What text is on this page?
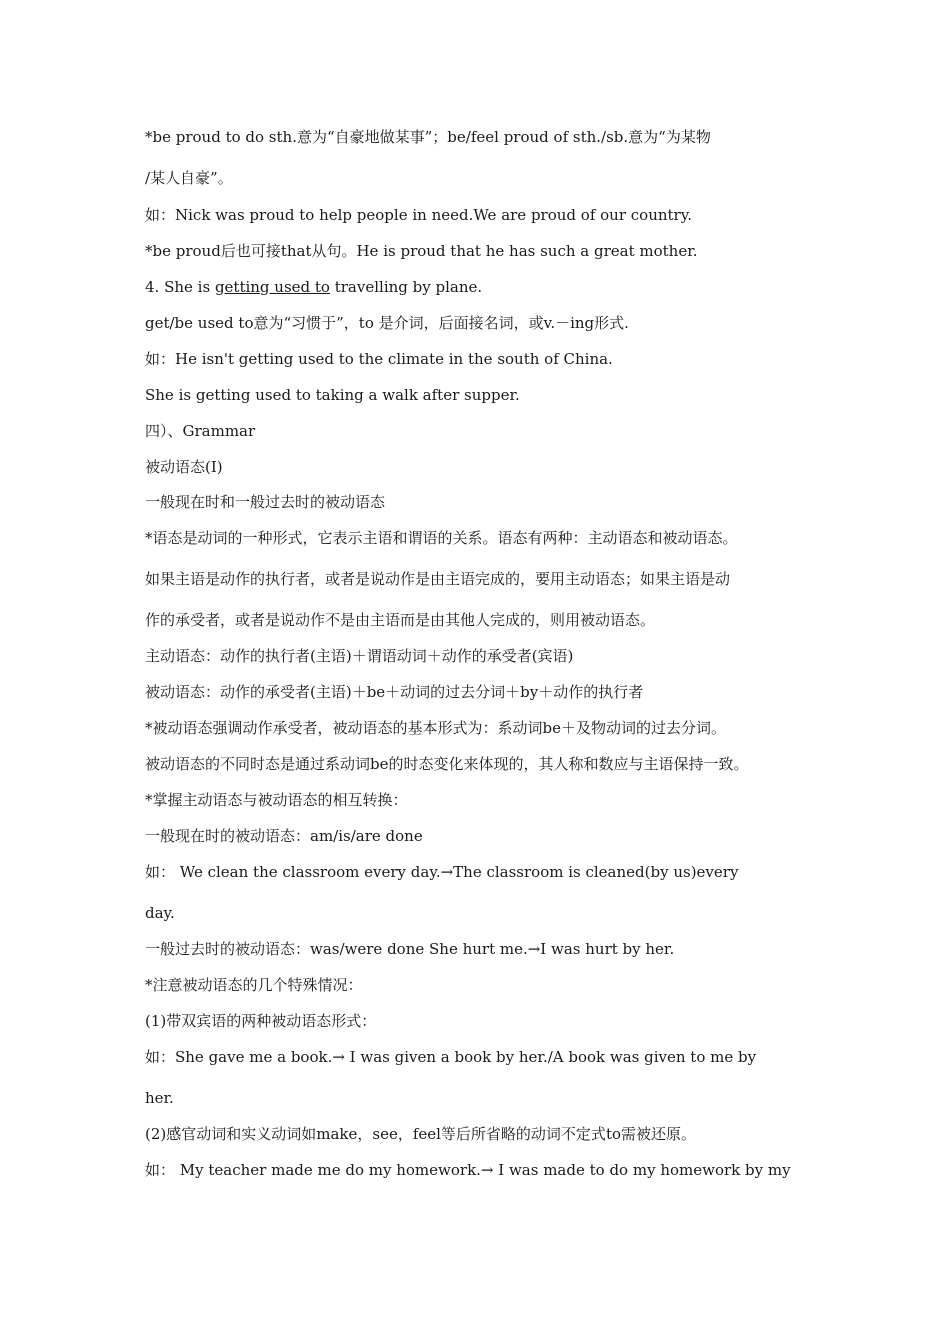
*be proud to do sth.意为“自豪地做某事”；be/feel proud of sth./sb.意为“为某物
/某人自豪”。
如：Nick was proud to help people in need.We are proud of our country.
*be proud后也可接that从句。He is proud that he has such a great mother.
4. She is getting used to travelling by plane.
get/be used to意为“习惯于”，to 是介词，后面接名词，或v.－ing形式.
如：He isn't getting used to the climate in the south of China.
She is getting used to taking a walk after supper.
四）、Grammar
被动语态(Ⅰ)
一般现在时和一般过去时的被动语态
*语态是动词的一种形式，它表示主语和谓语的关系。语态有两种：主动语态和被动语态。
如果主语是动作的执行者，或者是说动作是由主语完成的，要用主动语态；如果主语是动
作的承受者，或者是说动作不是由主语而是由其他人完成的，则用被动语态。
主动语态：动作的执行者(主语)＋谓语动词＋动作的承受者(宾语)
被动语态：动作的承受者(主语)＋be＋动词的过去分词＋by＋动作的执行者
*被动语态强调动作承受者，被动语态的基本形式为：系动词be＋及物动词的过去分词。
被动语态的不同时态是通过系动词be的时态变化来体现的，其人称和数应与主语保持一致。
*掌握主动语态与被动语态的相互转换：
一般现在时的被动语态：am/is/are done
如： We clean the classroom every day.→The classroom is cleaned(by us)every
day.
一般过去时的被动语态：was/were done She hurt me.→I was hurt by her.
*注意被动语态的几个特殊情况：
(1)带双宾语的两种被动语态形式：
如：She gave me a book.→ I was given a book by her./A book was given to me by
her.
(2)感官动词和实义动词如make，see，feel等后所省略的动词不定式to需被还原。
如： My teacher made me do my homework.→ I was made to do my homework by my
